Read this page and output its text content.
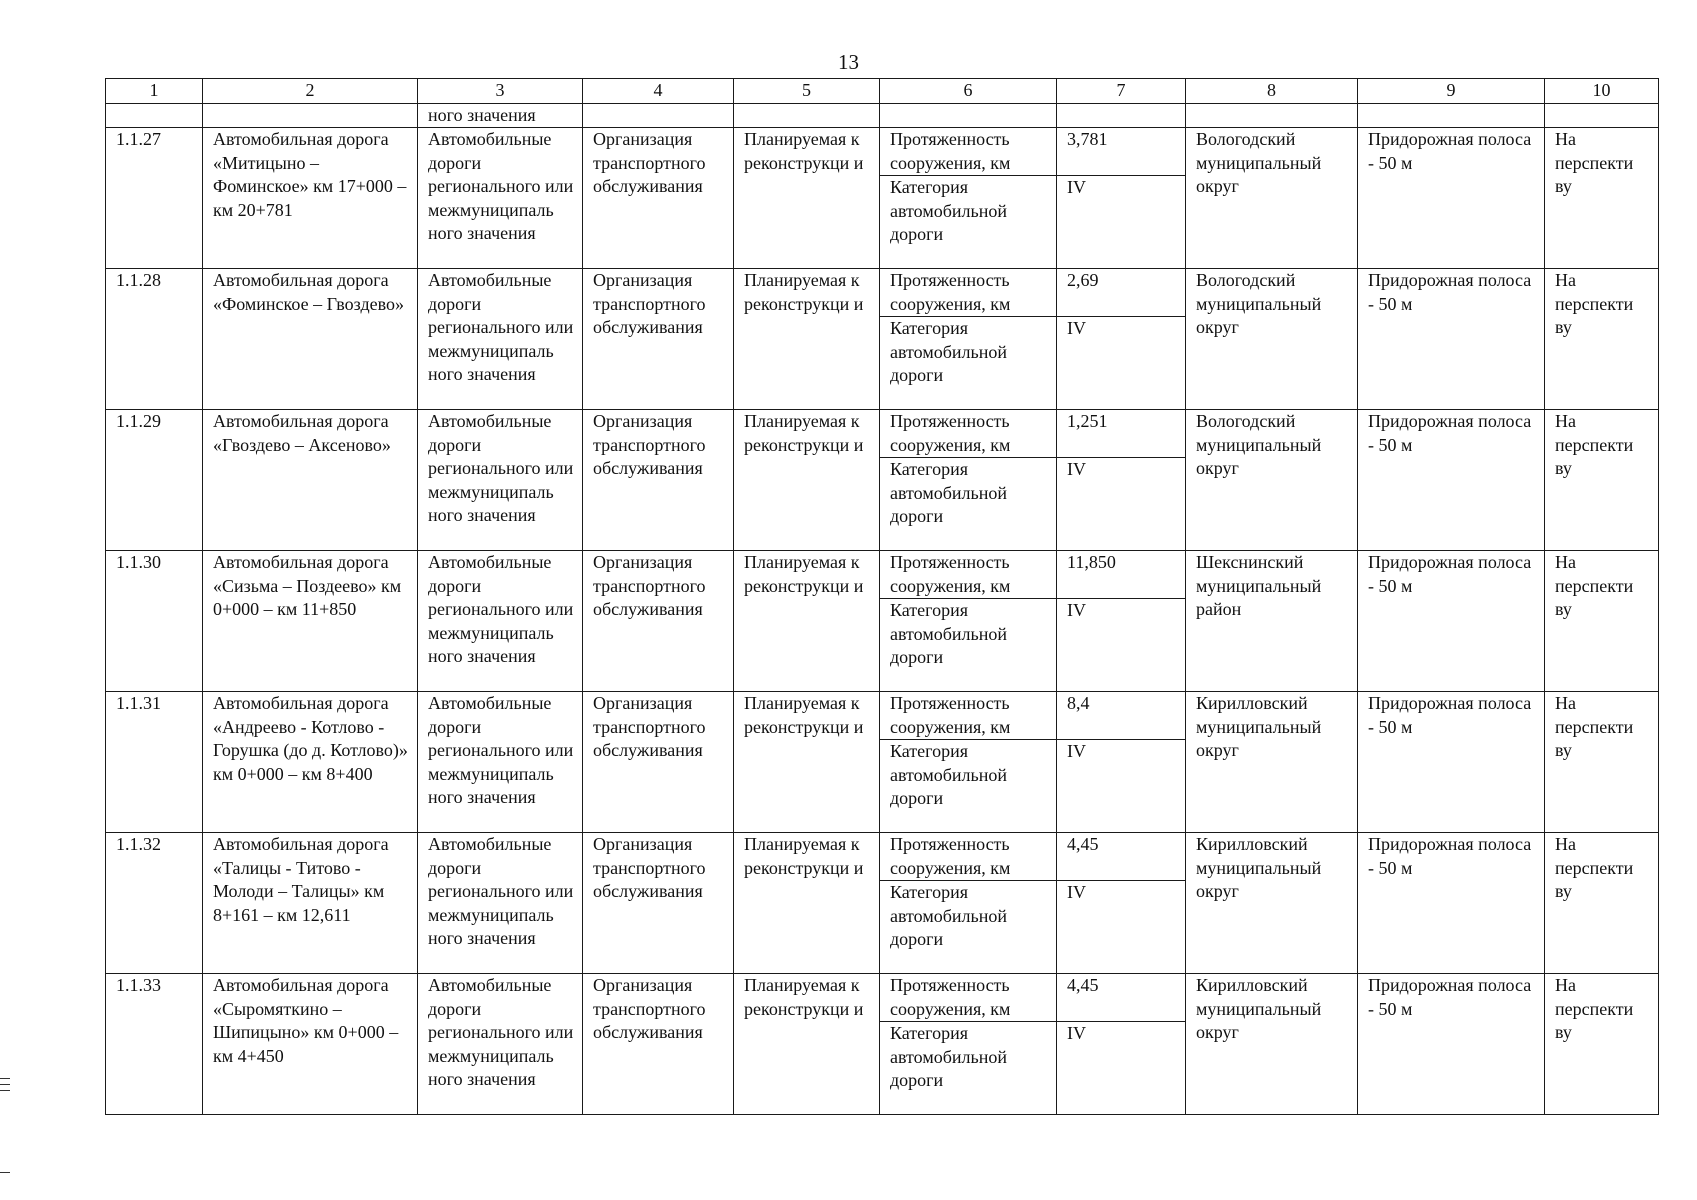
13
1	2	3	4	5	6	7	8	9	10
		ного значения							
1.1.27	Автомобильная дорога «Митицыно – Фоминское» км 17+000 – км 20+781	Автомобильные дороги регионального или межмуниципаль ного значения	Организация транспортного обслуживания	Планируемая к реконструкци и	Протяженность сооружения, км	3,781	Вологодский муниципальный округ	Придорожная полоса - 50 м	На перспекти ву
					Категория автомобильной дороги	IV			
1.1.28	Автомобильная дорога «Фоминское – Гвоздево»	Автомобильные дороги регионального или межмуниципаль ного значения	Организация транспортного обслуживания	Планируемая к реконструкци и	Протяженность сооружения, км	2,69	Вологодский муниципальный округ	Придорожная полоса - 50 м	На перспекти ву
					Категория автомобильной дороги	IV			
1.1.29	Автомобильная дорога «Гвоздево – Аксеново»	Автомобильные дороги регионального или межмуниципаль ного значения	Организация транспортного обслуживания	Планируемая к реконструкци и	Протяженность сооружения, км	1,251	Вологодский муниципальный округ	Придорожная полоса - 50 м	На перспекти ву
					Категория автомобильной дороги	IV			
1.1.30	Автомобильная дорога «Сизьма – Поздеево» км 0+000 – км 11+850	Автомобильные дороги регионального или межмуниципаль ного значения	Организация транспортного обслуживания	Планируемая к реконструкци и	Протяженность сооружения, км	11,850	Шекснинский муниципальный район	Придорожная полоса - 50 м	На перспекти ву
					Категория автомобильной дороги	IV			
1.1.31	Автомобильная дорога «Андреево - Котлово - Горушка (до д. Котлово)» км 0+000 – км 8+400	Автомобильные дороги регионального или межмуниципаль ного значения	Организация транспортного обслуживания	Планируемая к реконструкци и	Протяженность сооружения, км	8,4	Кирилловский муниципальный округ	Придорожная полоса - 50 м	На перспекти ву
					Категория автомобильной дороги	IV			
1.1.32	Автомобильная дорога «Талицы - Титово - Молоди – Талицы» км 8+161 – км 12,611	Автомобильные дороги регионального или межмуниципаль ного значения	Организация транспортного обслуживания	Планируемая к реконструкци и	Протяженность сооружения, км	4,45	Кирилловский муниципальный округ	Придорожная полоса - 50 м	На перспекти ву
					Категория автомобильной дороги	IV			
1.1.33	Автомобильная дорога «Сыромяткино – Шипицыно» км 0+000 – км 4+450	Автомобильные дороги регионального или межмуниципаль ного значения	Организация транспортного обслуживания	Планируемая к реконструкци и	Протяженность сооружения, км	4,45	Кирилловский муниципальный округ	Придорожная полоса - 50 м	На перспекти ву
					Категория автомобильной дороги	IV			
